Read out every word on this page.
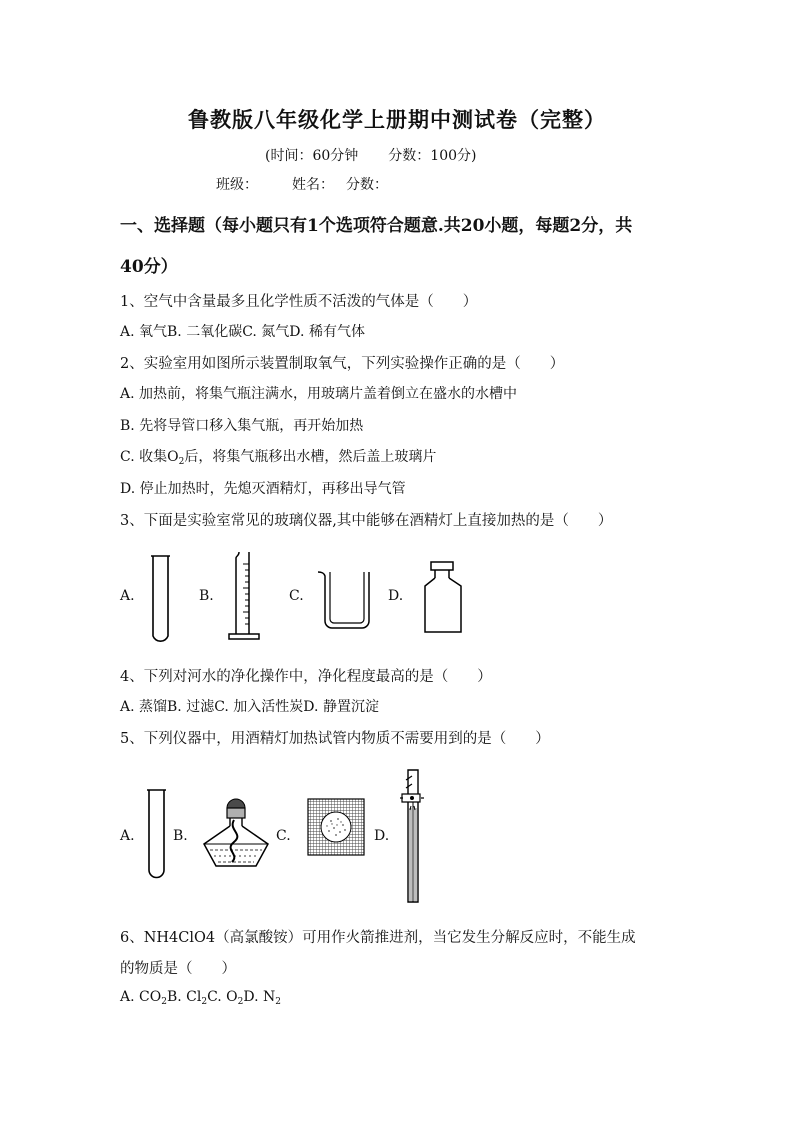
鲁教版八年级化学上册期中测试卷（完整）
(时间：60分钟 分数：100分)
班级： 姓名： 分数：
一、选择题（每小题只有1个选项符合题意.共20小题，每题2分，共
40分）
1、空气中含量最多且化学性质不活泼的气体是（　　）
A. 氧气B. 二氧化碳C. 氮气D. 稀有气体
2、实验室用如图所示装置制取氧气，下列实验操作正确的是（　　）
A. 加热前，将集气瓶注满水，用玻璃片盖着倒立在盛水的水槽中
B. 先将导管口移入集气瓶，再开始加热
C. 收集$O_2$后，将集气瓶移出水槽，然后盖上玻璃片
D. 停止加热时，先熄灭酒精灯，再移出导气管
3、下面是实验室常见的玻璃仪器,其中能够在酒精灯上直接加热的是（　　）
A.	B.	C.	D.
4、下列对河水的净化操作中，净化程度最高的是（　　）
A. 蒸馏B. 过滤C. 加入活性炭D. 静置沉淀
5、下列仪器中，用酒精灯加热试管内物质不需要用到的是（　　）
A.	B.	C.	D.
6、NH4ClO4（高氯酸铵）可用作火箭推进剂，当它发生分解反应时，不能生成
的物质是（　　）
A. $CO_2B$. $Cl_2C$. $O_2D$. $N_2$
